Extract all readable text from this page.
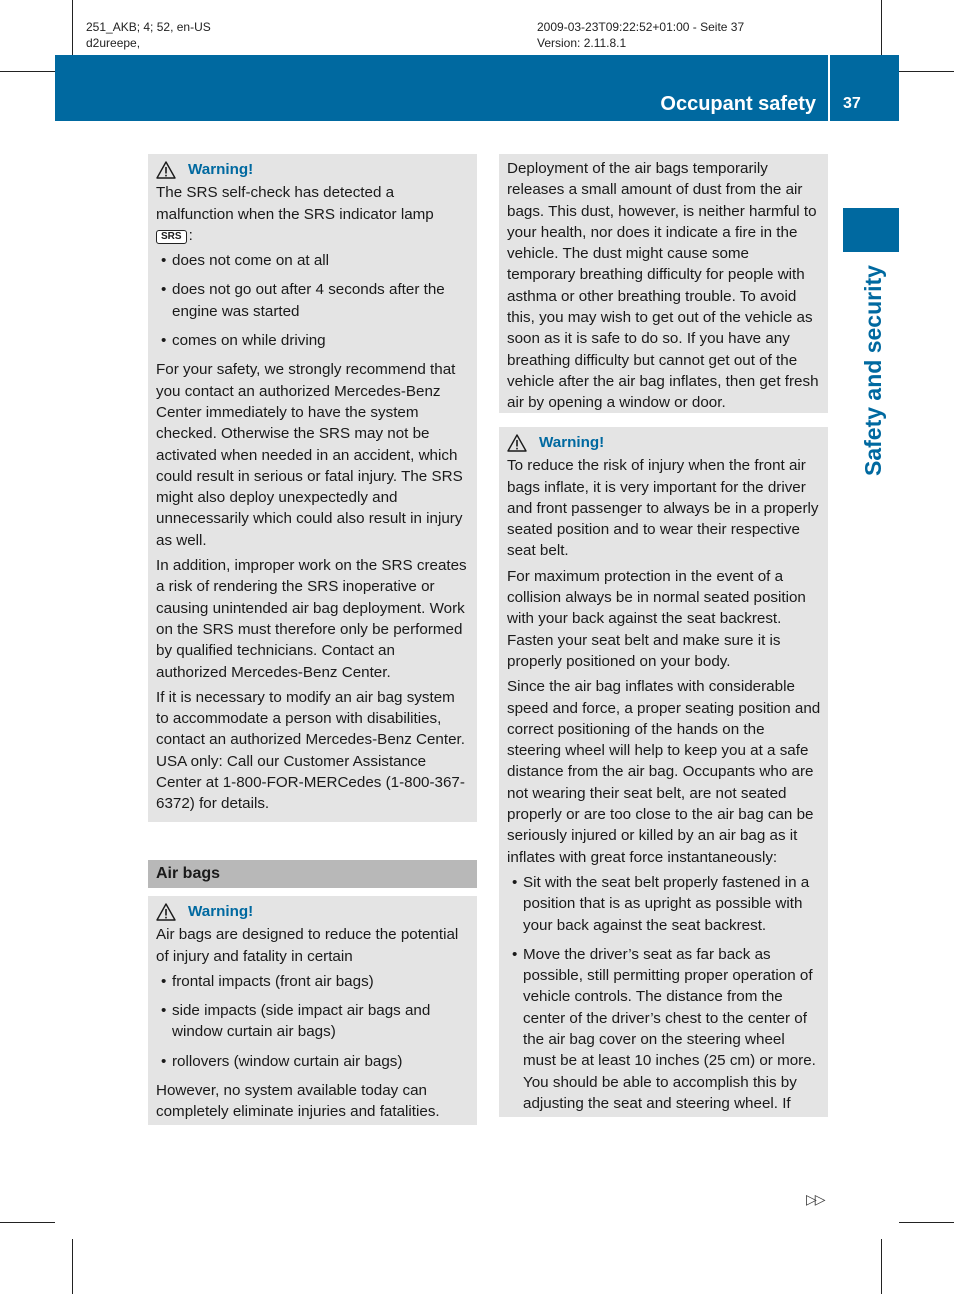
251_AKB; 4; 52, en-US
d2ureepe,
2009-03-23T09:22:52+01:00 - Seite 37
Version: 2.11.8.1
Occupant safety 37
Safety and security
Warning!

The SRS self-check has detected a malfunction when the SRS indicator lamp
SRS :

• does not come on at all
• does not go out after 4 seconds after the engine was started
• comes on while driving

For your safety, we strongly recommend that you contact an authorized Mercedes-Benz Center immediately to have the system checked. Otherwise the SRS may not be activated when needed in an accident, which could result in serious or fatal injury. The SRS might also deploy unexpectedly and unnecessarily which could also result in injury as well.

In addition, improper work on the SRS creates a risk of rendering the SRS inoperative or causing unintended air bag deployment. Work on the SRS must therefore only be performed by qualified technicians. Contact an authorized Mercedes-Benz Center.

If it is necessary to modify an air bag system to accommodate a person with disabilities, contact an authorized Mercedes-Benz Center. USA only: Call our Customer Assistance Center at 1-800-FOR-MERCedes (1-800-367-6372) for details.

Air bags
Warning!

Air bags are designed to reduce the potential of injury and fatality in certain

• frontal impacts (front air bags)
• side impacts (side impact air bags and window curtain air bags)
• rollovers (window curtain air bags)

However, no system available today can completely eliminate injuries and fatalities.

Deployment of the air bags temporarily releases a small amount of dust from the air bags. This dust, however, is neither harmful to your health, nor does it indicate a fire in the vehicle. The dust might cause some temporary breathing difficulty for people with asthma or other breathing trouble. To avoid this, you may wish to get out of the vehicle as soon as it is safe to do so. If you have any breathing difficulty but cannot get out of the vehicle after the air bag inflates, then get fresh air by opening a window or door.

Warning!

To reduce the risk of injury when the front air bags inflate, it is very important for the driver and front passenger to always be in a properly seated position and to wear their respective seat belt.

For maximum protection in the event of a collision always be in normal seated position with your back against the seat backrest. Fasten your seat belt and make sure it is properly positioned on your body.

Since the air bag inflates with considerable speed and force, a proper seating position and correct positioning of the hands on the steering wheel will help to keep you at a safe distance from the air bag. Occupants who are not wearing their seat belt, are not seated properly or are too close to the air bag can be seriously injured or killed by an air bag as it inflates with great force instantaneously:

• Sit with the seat belt properly fastened in a position that is as upright as possible with your back against the seat backrest.
• Move the driver’s seat as far back as possible, still permitting proper operation of vehicle controls. The distance from the center of the driver’s chest to the center of the air bag cover on the steering wheel must be at least 10 inches (25 cm) or more. You should be able to accomplish this by adjusting the seat and steering wheel. If
▷▷
